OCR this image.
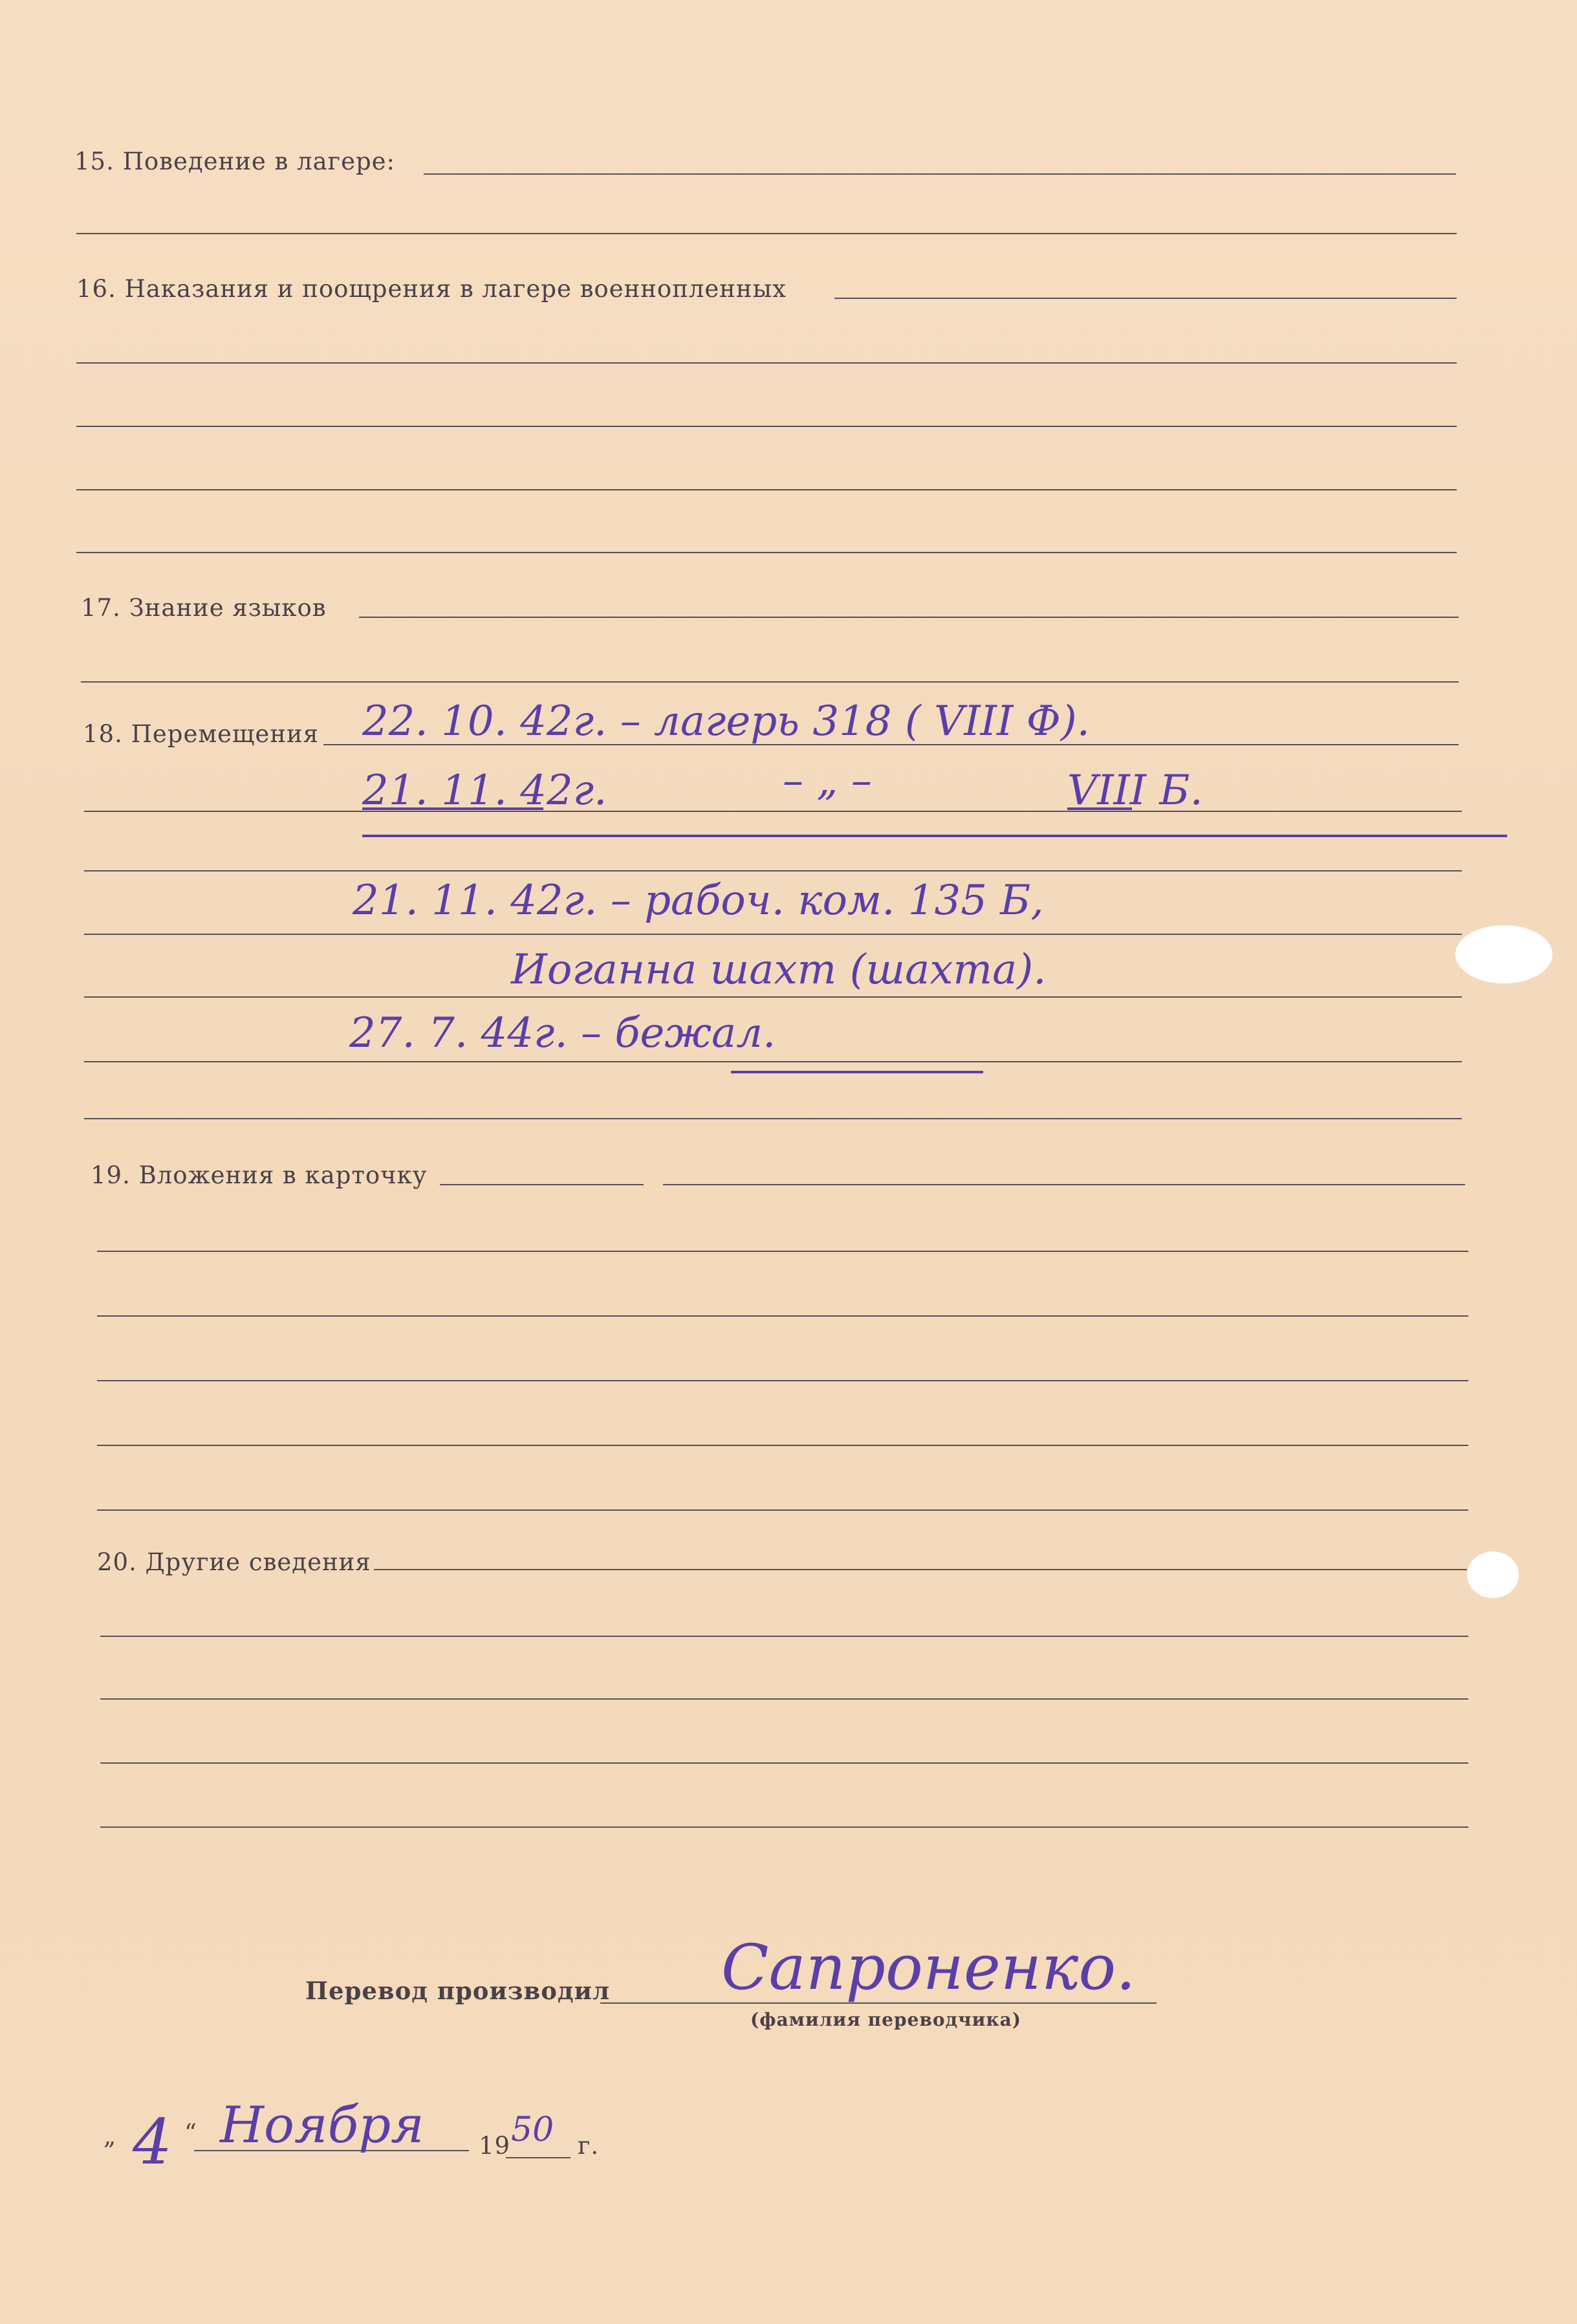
15. Поведение в лагере:
16. Наказания и поощрения в лагере военнопленных
17. Знание языков
18. Перемещения 22. 10. 42г. – лагерь 318 ( VIII Ф).
21. 11. 42г.	– „ –	VIII Б.
21. 11. 42г. – рабоч. ком. 135 Б,
Иоганна шахт (шахта).
27. 7. 44г. – бежал.
19. Вложения в карточку
20. Другие сведения
Перевод производил Сапроненко.
(фамилия переводчика)
„ 4 “ Ноября 19 50 г.
